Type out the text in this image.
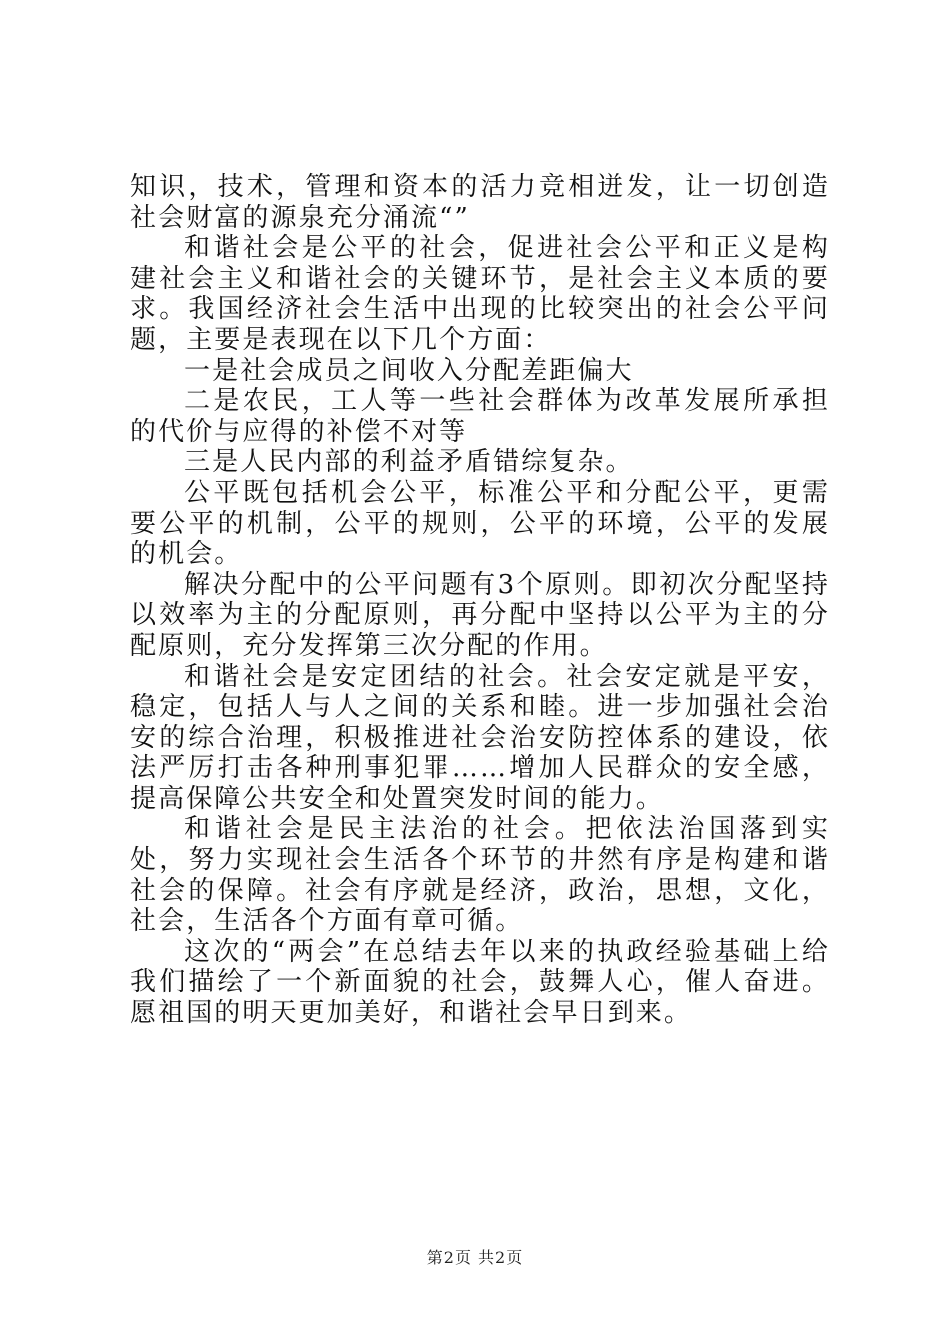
知识，技术，管理和资本的活力竞相迸发，让一切创造社会财富的源泉充分涌流“”

和谐社会是公平的社会，促进社会公平和正义是构建社会主义和谐社会的关键环节，是社会主义本质的要求。我国经济社会生活中出现的比较突出的社会公平问题，主要是表现在以下几个方面：

一是社会成员之间收入分配差距偏大

二是农民，工人等一些社会群体为改革发展所承担的代价与应得的补偿不对等

三是人民内部的利益矛盾错综复杂。

公平既包括机会公平，标准公平和分配公平，更需要公平的机制，公平的规则，公平的环境，公平的发展的机会。

解决分配中的公平问题有3个原则。即初次分配坚持以效率为主的分配原则，再分配中坚持以公平为主的分配原则，充分发挥第三次分配的作用。

和谐社会是安定团结的社会。社会安定就是平安，稳定，包括人与人之间的关系和睦。进一步加强社会治安的综合治理，积极推进社会治安防控体系的建设，依法严厉打击各种刑事犯罪……增加人民群众的安全感，提高保障公共安全和处置突发时间的能力。

和谐社会是民主法治的社会。把依法治国落到实处，努力实现社会生活各个环节的井然有序是构建和谐社会的保障。社会有序就是经济，政治，思想，文化，社会，生活各个方面有章可循。

这次的“两会”在总结去年以来的执政经验基础上给我们描绘了一个新面貌的社会，鼓舞人心，催人奋进。愿祖国的明天更加美好，和谐社会早日到来。

第2页 共2页
